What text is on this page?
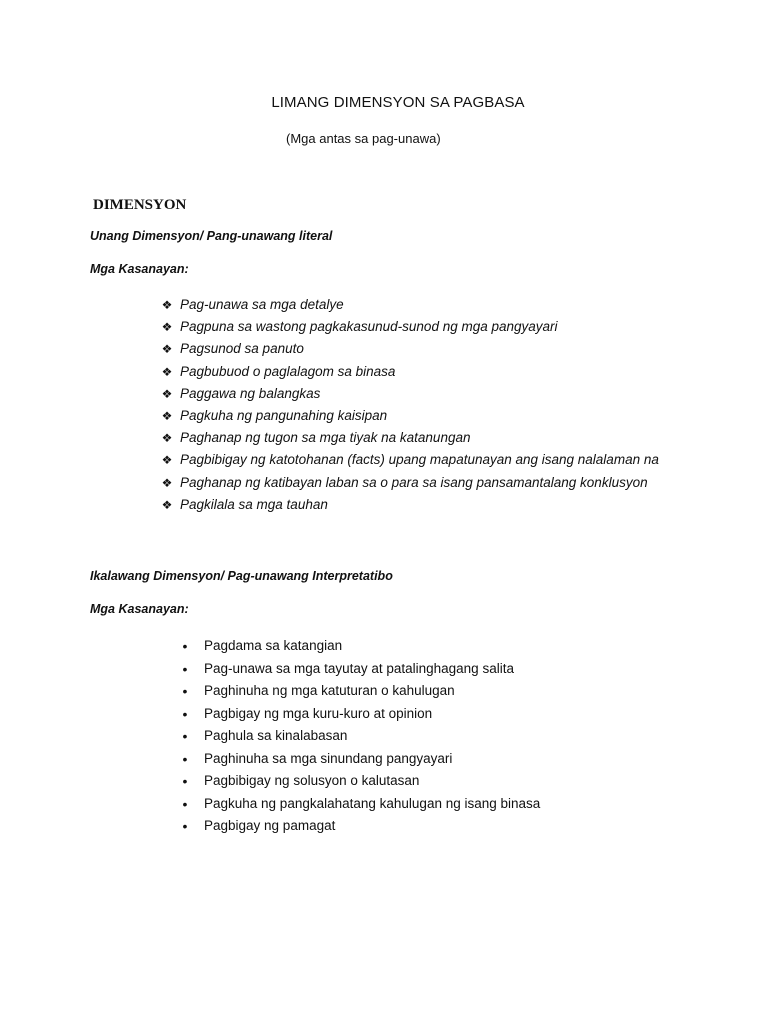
LIMANG DIMENSYON SA PAGBASA
(Mga antas sa pag-unawa)
DIMENSYON
Unang Dimensyon/ Pang-unawang literal
Mga Kasanayan:
❖ Pag-unawa sa mga detalye
❖ Pagpuna sa wastong pagkakasunud-sunod ng mga pangyayari
❖ Pagsunod sa panuto
❖ Pagbubuod o paglalagom sa binasa
❖ Paggawa ng balangkas
❖ Pagkuha ng pangunahing kaisipan
❖ Paghanap ng tugon sa mga tiyak na katanungan
❖ Pagbibigay ng katotohanan (facts) upang mapatunayan ang isang nalalaman na
❖ Paghanap ng katibayan laban sa o para sa isang pansamantalang konklusyon
❖ Pagkilala sa mga tauhan
Ikalawang Dimensyon/ Pag-unawang Interpretatibo
Mga Kasanayan:
• Pagdama sa katangian
• Pag-unawa sa mga tayutay at patalinghagang salita
• Paghinuha ng mga katuturan o kahulugan
• Pagbigay ng mga kuru-kuro at opinion
• Paghula sa kinalabasan
• Paghinuha sa mga sinundang pangyayari
• Pagbibigay ng solusyon o kalutasan
• Pagkuha ng pangkalahatang kahulugan ng isang binasa
• Pagbigay ng pamagat
